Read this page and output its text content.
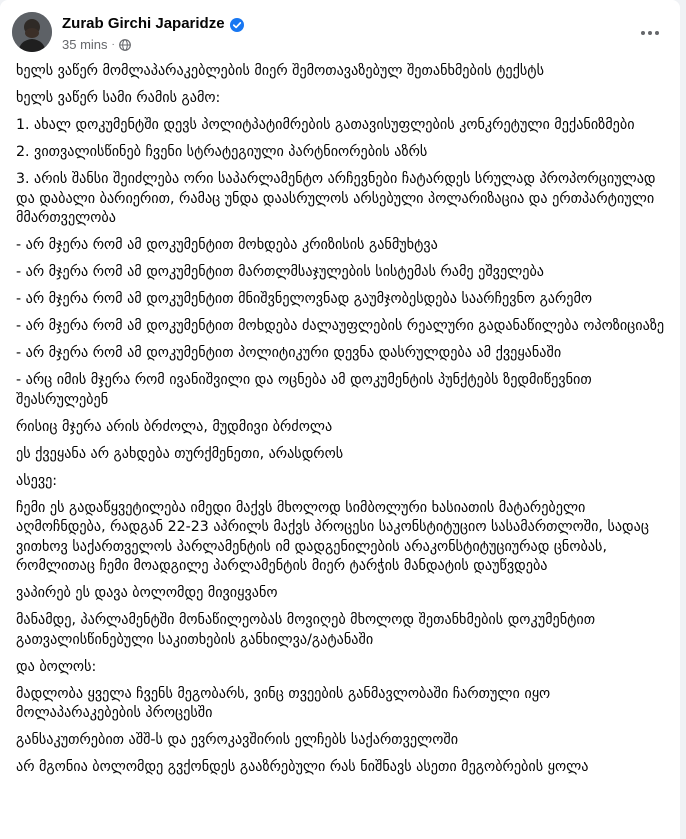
Zurab Girchi Japaridze
35 mins ·

ხელს ვაწერ მომლაპარაკებლების მიერ შემოთავაზებულ შეთანხმების ტექსტს

ხელს ვაწერ სამი რამის გამო:

1. ახალ დოკუმენტში დევს პოლიტპატიმრების გათავისუფლების კონკრეტული მექანიზმები

2. ვითვალისწინებ ჩვენი სტრატეგიული პარტნიორების აზრს

3. არის შანსი შეიძლება ორი საპარლამენტო არჩევნები ჩატარდეს სრულად პროპორციულად და დაბალი ბარიერით, რამაც უნდა დაასრულოს არსებული პოლარიზაცია და ერთპარტიული მმართველობა

- არ მჯერა რომ ამ დოკუმენტით მოხდება კრიზისის განმუხტვა

- არ მჯერა რომ ამ დოკუმენტით მართლმსაჯულების სისტემას რამე ეშველება

- არ მჯერა რომ ამ დოკუმენტით მნიშვნელოვნად გაუმჯობესდება საარჩევნო გარემო

- არ მჯერა რომ ამ დოკუმენტით მოხდება ძალაუფლების რეალური გადანაწილება ოპოზიციაზე

- არ მჯერა რომ ამ დოკუმენტით პოლიტიკური დევნა დასრულდება ამ ქვეყანაში

- არც იმის მჯერა რომ ივანიშვილი და ოცნება ამ დოკუმენტის პუნქტებს ზედმიწევნით შეასრულებენ

რისიც მჯერა არის ბრძოლა, მუდმივი ბრძოლა

ეს ქვეყანა არ გახდება თურქმენეთი, არასდროს

ასევე:

ჩემი ეს გადაწყვეტილება იმედი მაქვს მხოლოდ სიმბოლური ხასიათის მატარებელი აღმოჩნდება, რადგან 22-23 აპრილს მაქვს პროცესი საკონსტიტუციო სასამართლოში, სადაც ვითხოვ საქართველოს პარლამენტის იმ დადგენილების არაკონსტიტუციურად ცნობას, რომლითაც ჩემი მოადგილე პარლამენტის მიერ ტარჭის მანდატის დაუწვდება

ვაპირებ ეს დავა ბოლომდე მივიყვანო

მანამდე, პარლამენტში მონაწილეობას მოვიღებ მხოლოდ შეთანხმების დოკუმენტით გათვალისწინებული საკითხების განხილვა/გატანაში

და ბოლოს:

მადლობა ყველა ჩვენს მეგობარს, ვინც თვეების განმავლობაში ჩართული იყო მოლაპარაკებების პროცესში

განსაკუთრებით აშშ-ს და ევროკავშირის ელჩებს საქართველოში

არ მგონია ბოლომდე გვქონდეს გააზრებული რას ნიშნავს ასეთი მეგობრების ყოლა
